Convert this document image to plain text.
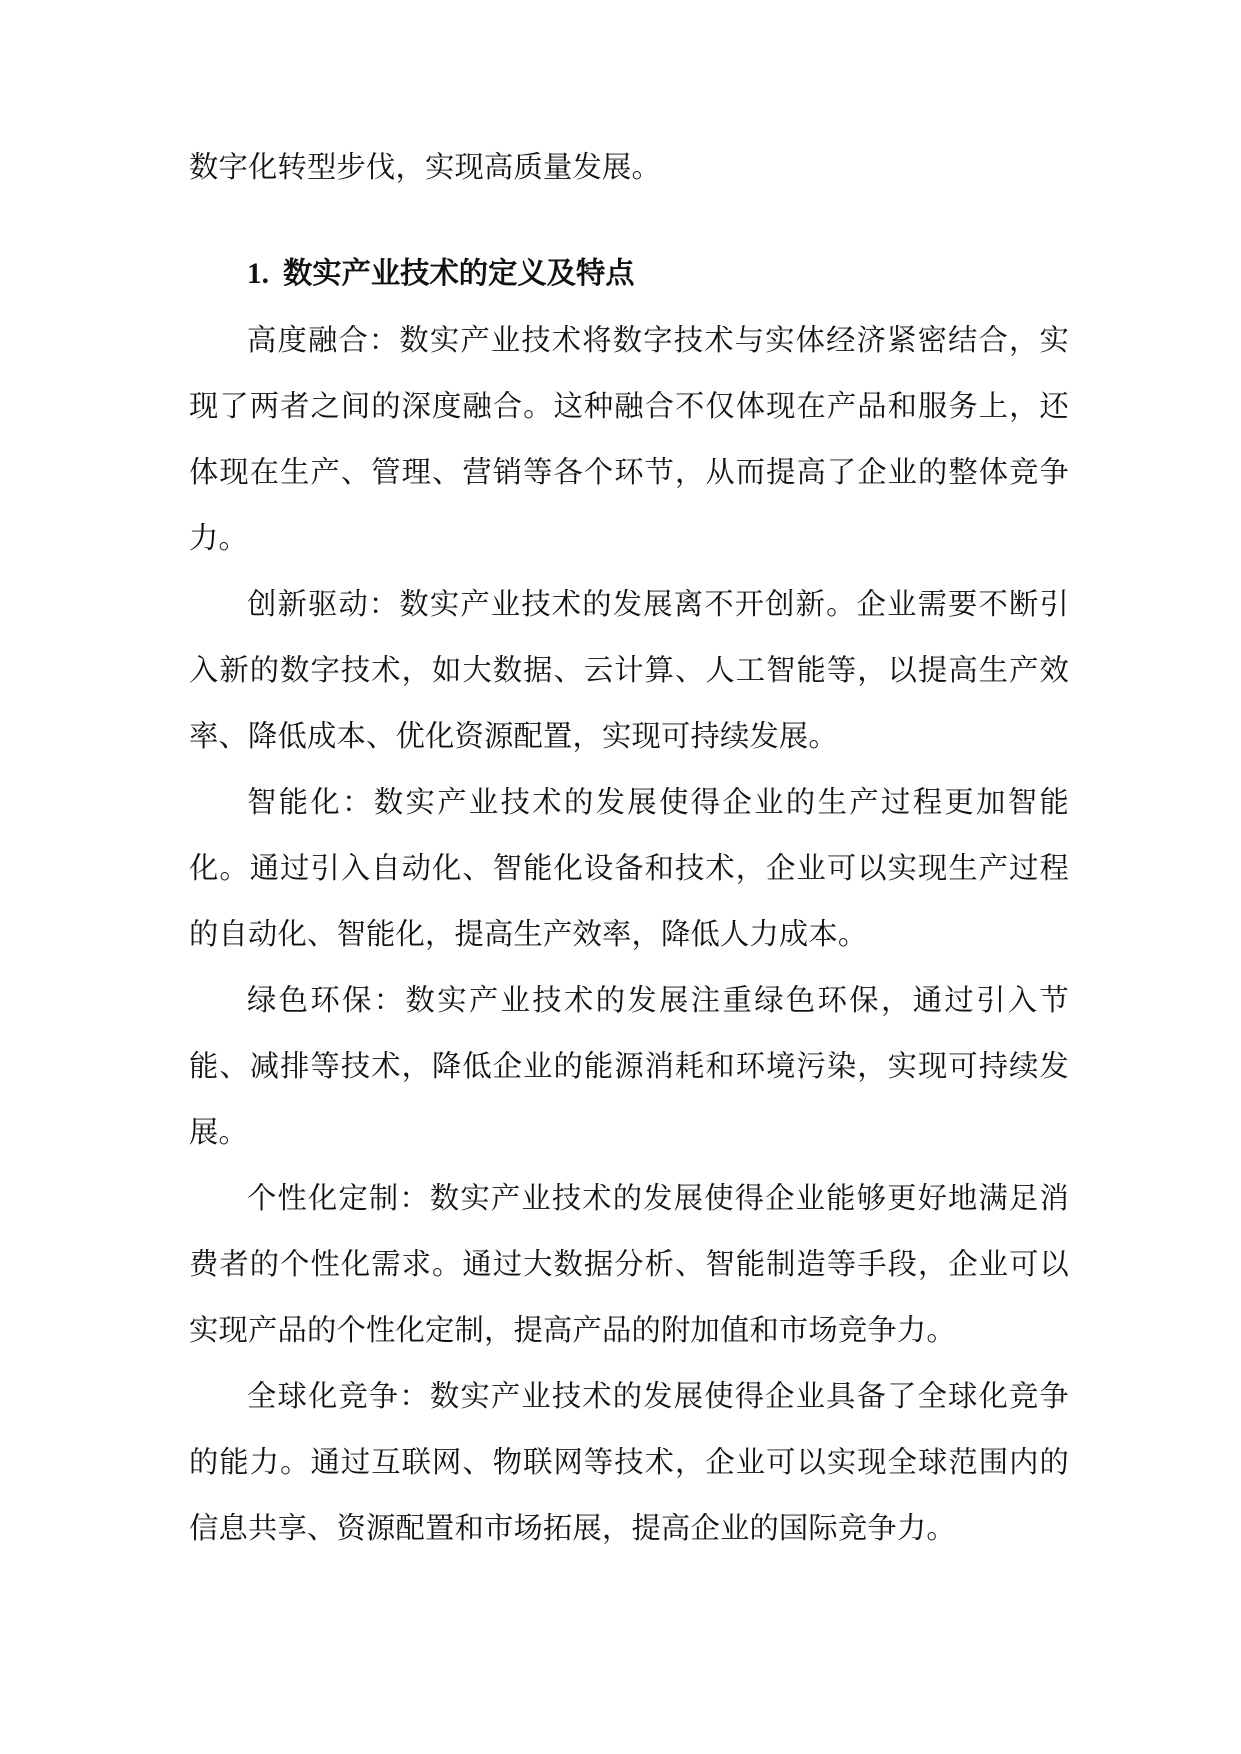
数字化转型步伐，实现高质量发展。

1. 数实产业技术的定义及特点

高度融合：数实产业技术将数字技术与实体经济紧密结合，实现了两者之间的深度融合。这种融合不仅体现在产品和服务上，还体现在生产、管理、营销等各个环节，从而提高了企业的整体竞争力。

创新驱动：数实产业技术的发展离不开创新。企业需要不断引入新的数字技术，如大数据、云计算、人工智能等，以提高生产效率、降低成本、优化资源配置，实现可持续发展。

智能化：数实产业技术的发展使得企业的生产过程更加智能化。通过引入自动化、智能化设备和技术，企业可以实现生产过程的自动化、智能化，提高生产效率，降低人力成本。

绿色环保：数实产业技术的发展注重绿色环保，通过引入节能、减排等技术，降低企业的能源消耗和环境污染，实现可持续发展。

个性化定制：数实产业技术的发展使得企业能够更好地满足消费者的个性化需求。通过大数据分析、智能制造等手段，企业可以实现产品的个性化定制，提高产品的附加值和市场竞争力。

全球化竞争：数实产业技术的发展使得企业具备了全球化竞争的能力。通过互联网、物联网等技术，企业可以实现全球范围内的信息共享、资源配置和市场拓展，提高企业的国际竞争力。
